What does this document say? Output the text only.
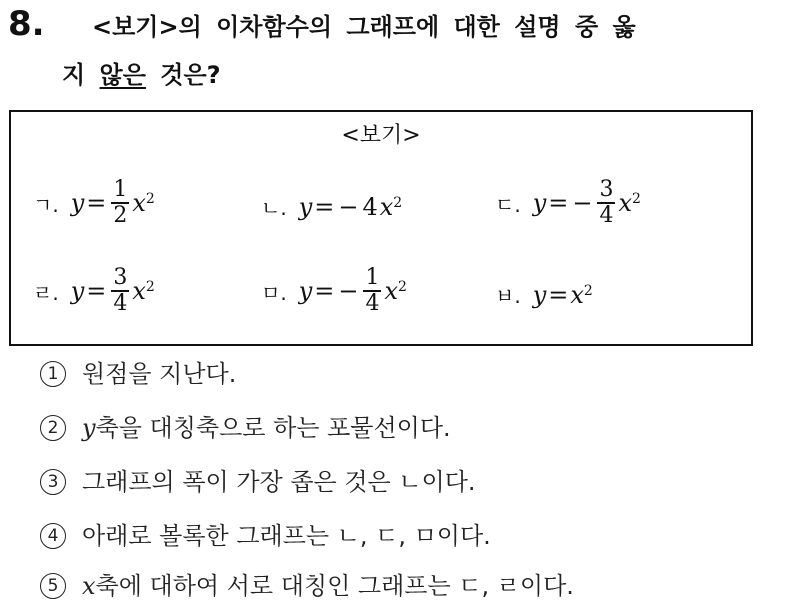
8. <보기>의 이차함수의 그래프에 대한 설명 중 옳
지 않은 것은?
<보기>
ㄱ. $y = \frac{1}{2} x^2$	ㄴ. y = − 4 $x^2$	ㄷ. y = − $\frac{3}{4} x^2$
ㄹ. $y = \frac{3}{4} x^2$	ㅁ. y = − $\frac{1}{4} x^2$	ㅂ. $y = x^2$
1 원점을 지난다.
2 y 축을 대칭축으로 하는 포물선이다.
3 그래프의 폭이 가장 좁은 것은 ㄴ이다.
4 아래로 볼록한 그래프는 ㄴ, ㄷ, ㅁ이다.
5 x 축에 대하여 서로 대칭인 그래프는 ㄷ, ㄹ이다.
